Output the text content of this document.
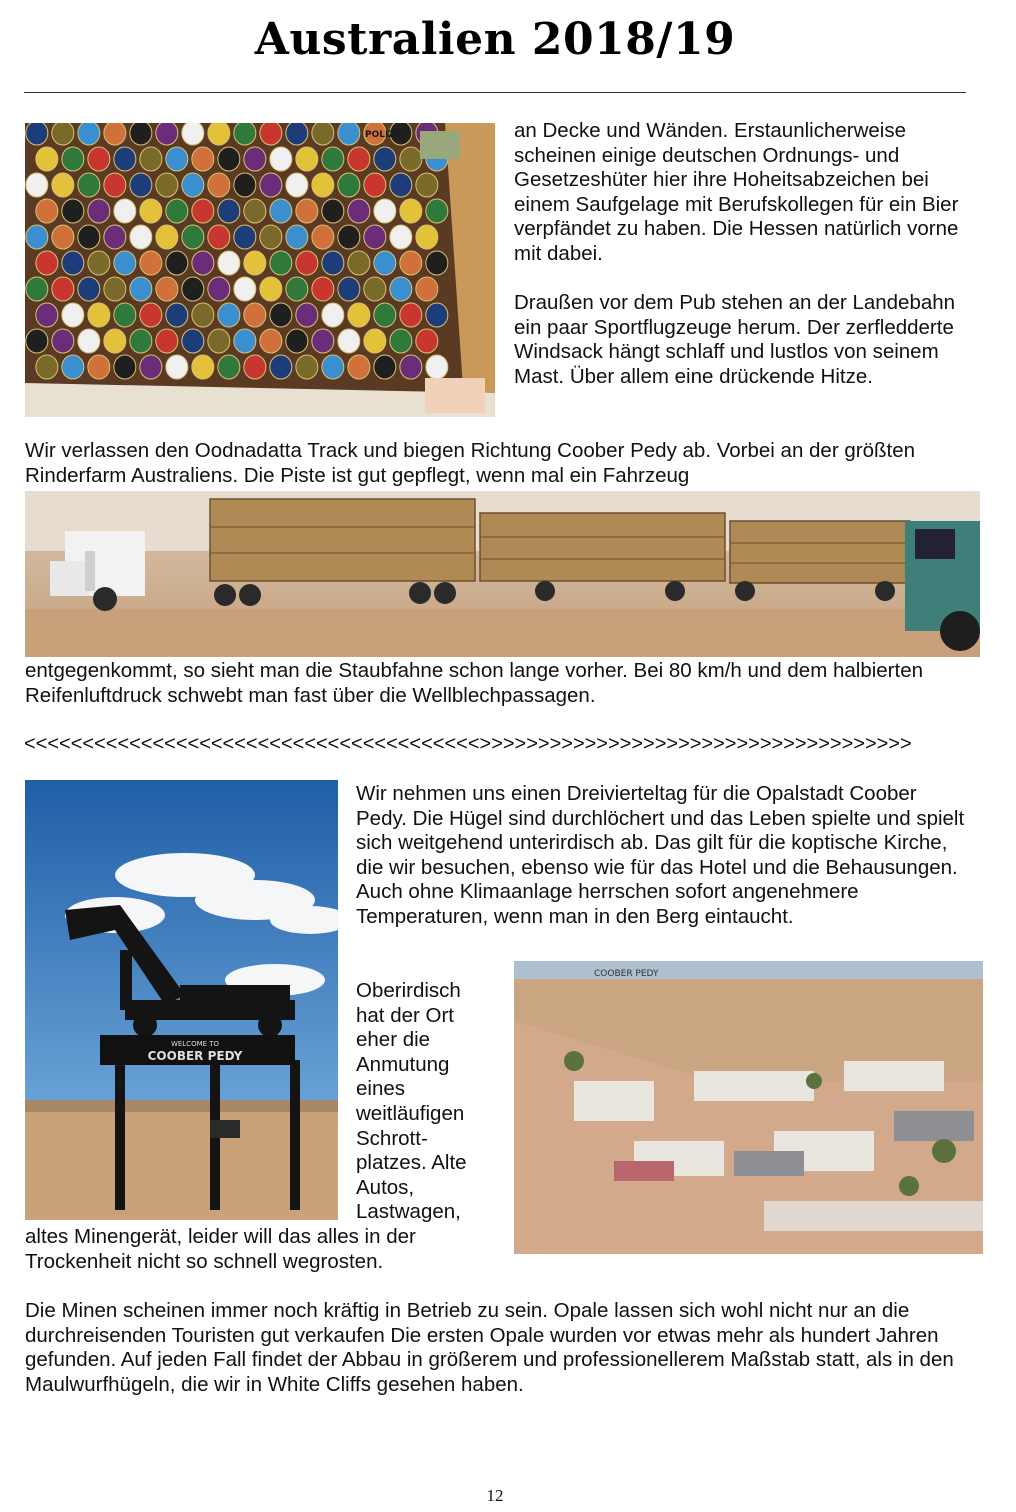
Australien 2018/19
POLIZEI	an Decke und Wänden. Erstaunlicherweise scheinen einige deutschen Ordnungs- und Gesetzeshüter hier ihre Hoheitsabzeichen bei einem Saufgelage mit Berufskollegen für ein Bier verpfändet zu haben. Die Hessen natürlich vorne mit dabei.

Draußen vor dem Pub stehen an der Landebahn ein paar Sportflugzeuge herum. Der zerfledderte Windsack hängt schlaff und lustlos von seinem Mast. Über allem eine drückende Hitze.

Wir verlassen den Oodnadatta Track und biegen Richtung Coober Pedy ab. Vorbei an der größten Rinderfarm Australiens. Die Piste ist gut gepflegt, wenn mal ein Fahrzeug

entgegenkommt, so sieht man die Staubfahne schon lange vorher. Bei 80 km/h und dem halbierten Reifenluftdruck schwebt man fast über die Wellblechpassagen.

<<<<<<<<<<<<<<<<<<<<<<<<<<<<<<<<<<<<<<<>>>>>>>>>>>>>>>>>>>>>>>>>>>>>>>>>>>>>
WELCOME TO
COOBER PEDY

Wir nehmen uns einen Dreivierteltag für die Opalstadt Coober Pedy. Die Hügel sind durchlöchert und das Leben spielte und spielt sich weitgehend unterirdisch ab. Das gilt für die koptische Kirche, die wir besuchen, ebenso wie für das Hotel und die Behausungen. Auch ohne Klimaanlage herrschen sofort angenehmere Temperaturen, wenn man in den Berg eintaucht.

Oberirdisch
hat der Ort
eher die
Anmutung
eines
weitläufigen
Schrott-
platzes. Alte
Autos,
Lastwagen,

altes Minengerät, leider will das alles in der Trockenheit nicht so schnell wegrosten.

COOBER PEDY

Die Minen scheinen immer noch kräftig in Betrieb zu sein. Opale lassen sich wohl nicht nur an die durchreisenden Touristen gut verkaufen Die ersten Opale wurden vor etwas mehr als hundert Jahren gefunden. Auf jeden Fall findet der Abbau in größerem und professionellerem Maßstab statt, als in den Maulwurfhügeln, die wir in White Cliffs gesehen haben.

12
